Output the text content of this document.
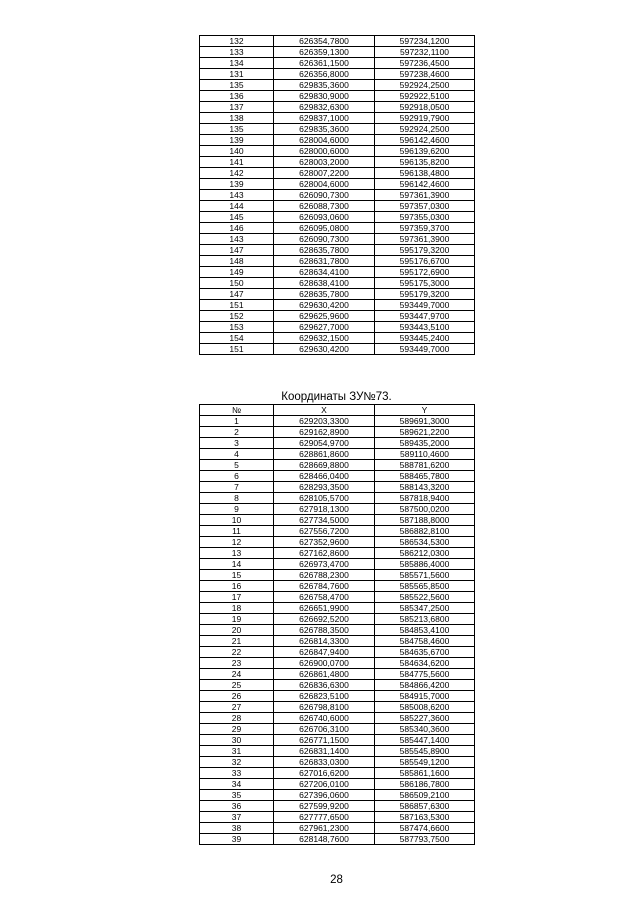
132	626354,7800	597234,1200
133	626359,1300	597232,1100
134	626361,1500	597236,4500
131	626356,8000	597238,4600
135	629835,3600	592924,2500
136	629830,9000	592922,5100
137	629832,6300	592918,0500
138	629837,1000	592919,7900
135	629835,3600	592924,2500
139	628004,6000	596142,4600
140	628000,6000	596139,6200
141	628003,2000	596135,8200
142	628007,2200	596138,4800
139	628004,6000	596142,4600
143	626090,7300	597361,3900
144	626088,7300	597357,0300
145	626093,0600	597355,0300
146	626095,0800	597359,3700
143	626090,7300	597361,3900
147	628635,7800	595179,3200
148	628631,7800	595176,6700
149	628634,4100	595172,6900
150	628638,4100	595175,3000
147	628635,7800	595179,3200
151	629630,4200	593449,7000
152	629625,9600	593447,9700
153	629627,7000	593443,5100
154	629632,1500	593445,2400
151	629630,4200	593449,7000
Координаты ЗУ№73.
№	X	Y
1	629203,3300	589691,3000
2	629162,8900	589621,2200
3	629054,9700	589435,2000
4	628861,8600	589110,4600
5	628669,8800	588781,6200
6	628466,0400	588465,7800
7	628293,3500	588143,3200
8	628105,5700	587818,9400
9	627918,1300	587500,0200
10	627734,5000	587188,8000
11	627556,7200	586882,8100
12	627352,9600	586534,5300
13	627162,8600	586212,0300
14	626973,4700	585886,4000
15	626788,2300	585571,5600
16	626784,7600	585565,8500
17	626758,4700	585522,5600
18	626651,9900	585347,2500
19	626692,5200	585213,6800
20	626788,3500	584853,4100
21	626814,3300	584758,4600
22	626847,9400	584635,6700
23	626900,0700	584634,6200
24	626861,4800	584775,5600
25	626836,6300	584866,4200
26	626823,5100	584915,7000
27	626798,8100	585008,6200
28	626740,6000	585227,3600
29	626706,3100	585340,3600
30	626771,1500	585447,1400
31	626831,1400	585545,8900
32	626833,0300	585549,1200
33	627016,6200	585861,1600
34	627206,0100	586186,7800
35	627396,0600	586509,2100
36	627599,9200	586857,6300
37	627777,6500	587163,5300
38	627961,2300	587474,6600
39	628148,7600	587793,7500
28
